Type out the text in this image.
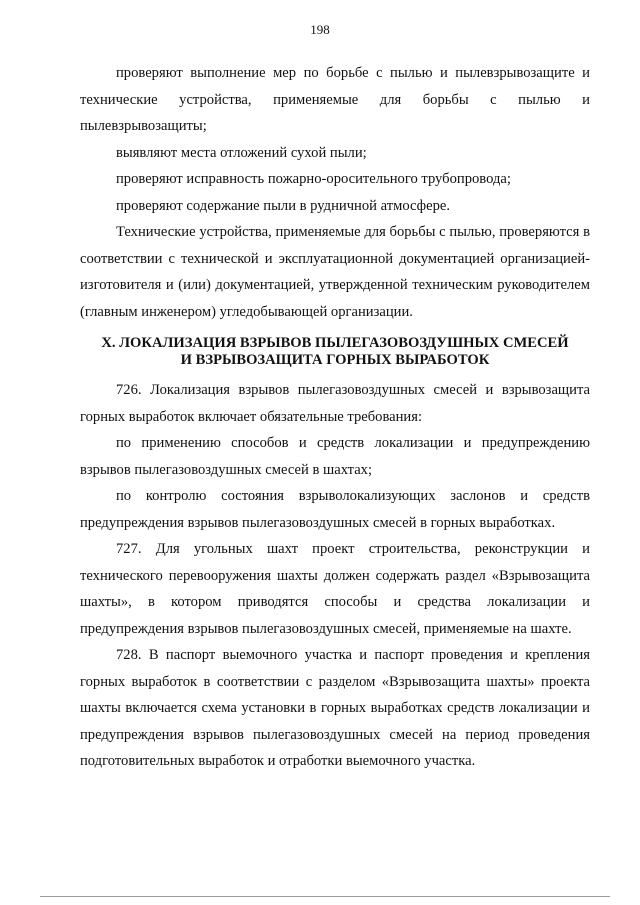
198

проверяют выполнение мер по борьбе с пылью и пылевзрывозащите и технические устройства, применяемые для борьбы с пылью и пылевзрывозащиты;

выявляют места отложений сухой пыли;

проверяют исправность пожарно-оросительного трубопровода;

проверяют содержание пыли в рудничной атмосфере.

Технические устройства, применяемые для борьбы с пылью, проверяются в соответствии с технической и эксплуатационной документацией организацией-изготовителя и (или) документацией, утвержденной техническим руководителем (главным инженером) угледобывающей организации.

X. ЛОКАЛИЗАЦИЯ ВЗРЫВОВ ПЫЛЕГАЗОВОЗДУШНЫХ СМЕСЕЙ
И ВЗРЫВОЗАЩИТА ГОРНЫХ ВЫРАБОТОК

726. Локализация взрывов пылегазовоздушных смесей и взрывозащита горных выработок включает обязательные требования:

по применению способов и средств локализации и предупреждению взрывов пылегазовоздушных смесей в шахтах;

по контролю состояния взрыволокализующих заслонов и средств предупреждения взрывов пылегазовоздушных смесей в горных выработках.

727. Для угольных шахт проект строительства, реконструкции и технического перевооружения шахты должен содержать раздел «Взрывозащита шахты», в котором приводятся способы и средства локализации и предупреждения взрывов пылегазовоздушных смесей, применяемые на шахте.

728. В паспорт выемочного участка и паспорт проведения и крепления горных выработок в соответствии с разделом «Взрывозащита шахты» проекта шахты включается схема установки в горных выработках средств локализации и предупреждения взрывов пылегазовоздушных смесей на период проведения подготовительных выработок и отработки выемочного участка.
